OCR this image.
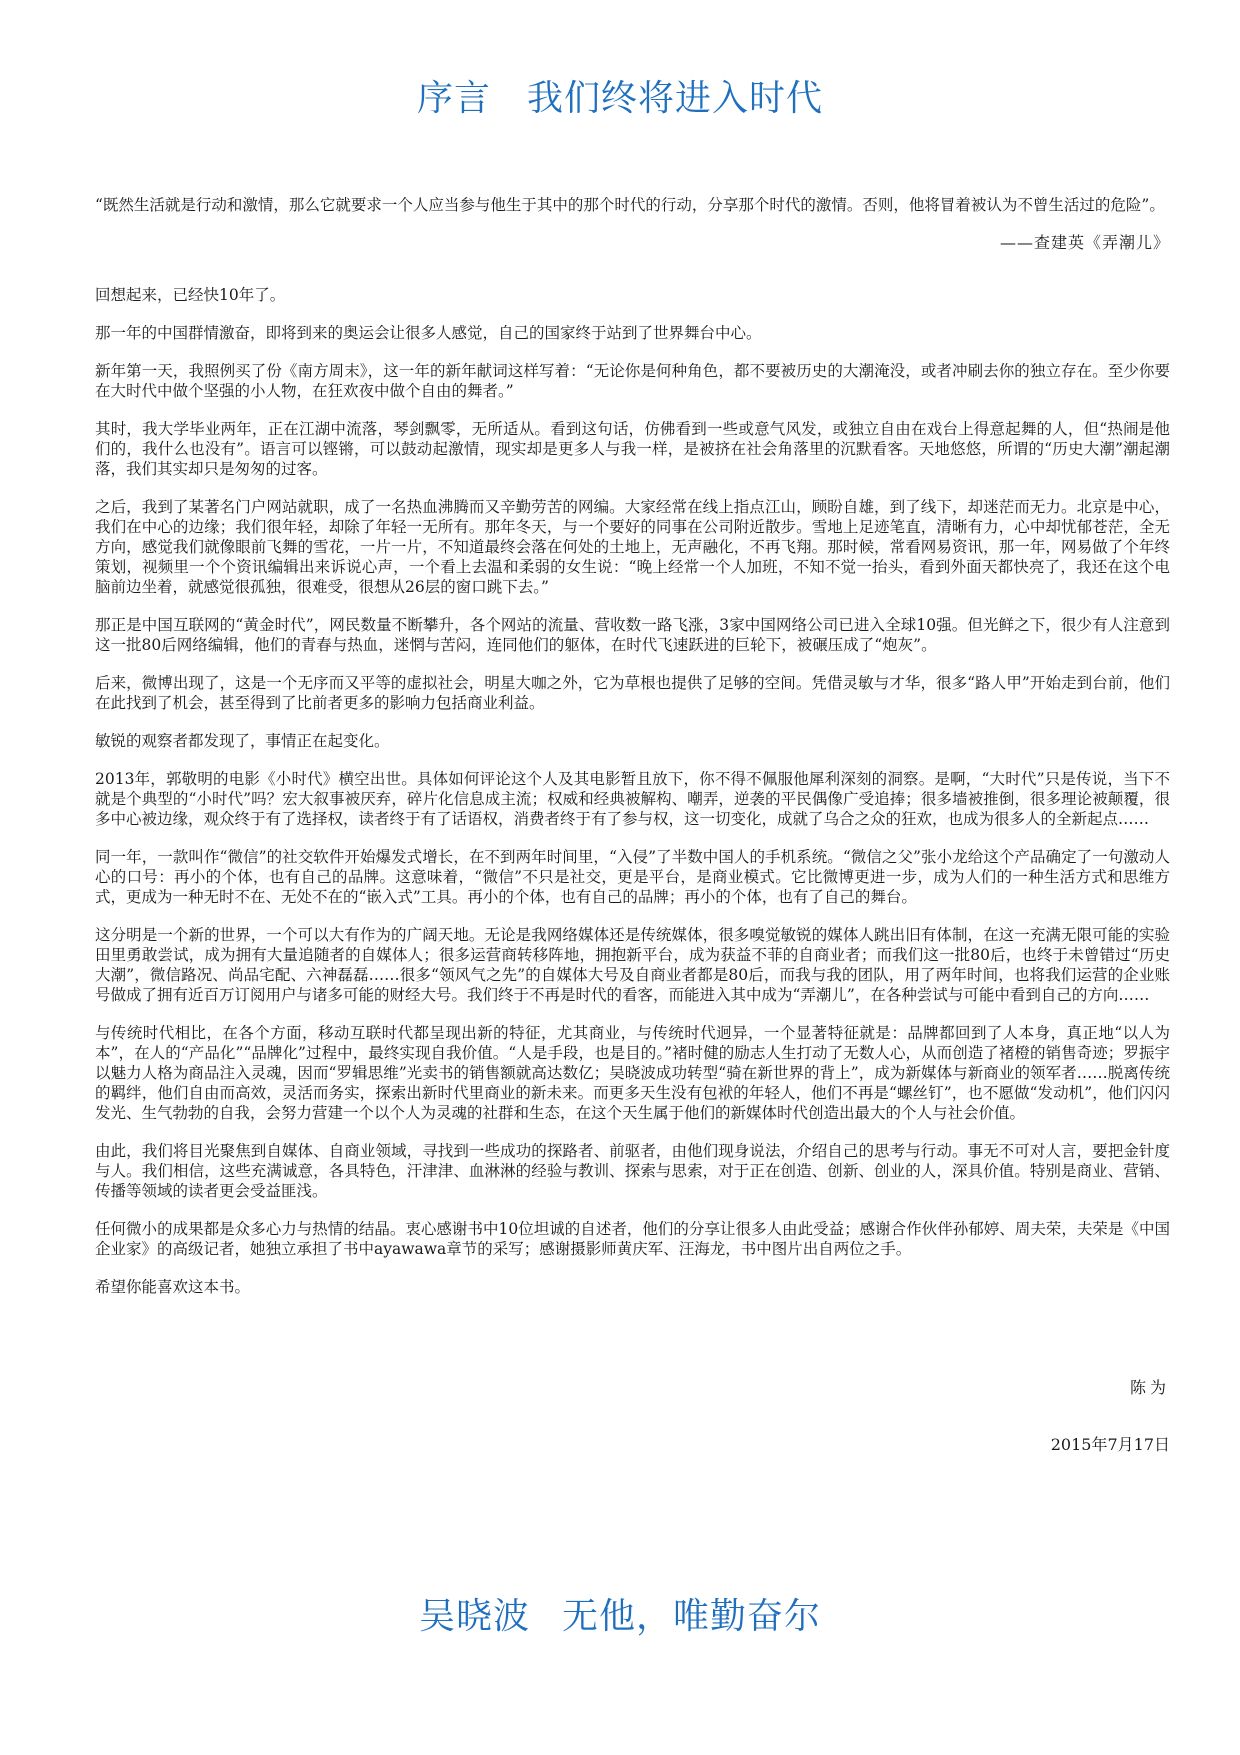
序言 我们终将进入时代

“既然生活就是行动和激情，那么它就要求一个人应当参与他生于其中的那个时代的行动，分享那个时代的激情。否则，他将冒着被认为不曾生活过的危险”。

——查建英《弄潮儿》

回想起来，已经快10年了。

那一年的中国群情激奋，即将到来的奥运会让很多人感觉，自己的国家终于站到了世界舞台中心。

新年第一天，我照例买了份《南方周末》，这一年的新年献词这样写着：“无论你是何种角色，都不要被历史的大潮淹没，或者冲刷去你的独立存在。至少你要在大时代中做个坚强的小人物，在狂欢夜中做个自由的舞者。”

其时，我大学毕业两年，正在江湖中流落，琴剑飘零，无所适从。看到这句话，仿佛看到一些或意气风发，或独立自由在戏台上得意起舞的人，但“热闹是他们的，我什么也没有”。语言可以铿锵，可以鼓动起激情，现实却是更多人与我一样，是被挤在社会角落里的沉默看客。天地悠悠，所谓的“历史大潮”潮起潮落，我们其实却只是匆匆的过客。

之后，我到了某著名门户网站就职，成了一名热血沸腾而又辛勤劳苦的网编。大家经常在线上指点江山，顾盼自雄，到了线下，却迷茫而无力。北京是中心，我们在中心的边缘；我们很年轻，却除了年轻一无所有。那年冬天，与一个要好的同事在公司附近散步。雪地上足迹笔直，清晰有力，心中却忧郁苍茫，全无方向，感觉我们就像眼前飞舞的雪花，一片一片，不知道最终会落在何处的土地上，无声融化，不再飞翔。那时候，常看网易资讯，那一年，网易做了个年终策划，视频里一个个资讯编辑出来诉说心声，一个看上去温和柔弱的女生说：“晚上经常一个人加班，不知不觉一抬头，看到外面天都快亮了，我还在这个电脑前边坐着，就感觉很孤独，很难受，很想从26层的窗口跳下去。”

那正是中国互联网的“黄金时代”，网民数量不断攀升，各个网站的流量、营收数一路飞涨，3家中国网络公司已进入全球10强。但光鲜之下，很少有人注意到这一批80后网络编辑，他们的青春与热血，迷惘与苦闷，连同他们的躯体，在时代飞速跃进的巨轮下，被碾压成了“炮灰”。

后来，微博出现了，这是一个无序而又平等的虚拟社会，明星大咖之外，它为草根也提供了足够的空间。凭借灵敏与才华，很多“路人甲”开始走到台前，他们在此找到了机会，甚至得到了比前者更多的影响力包括商业利益。

敏锐的观察者都发现了，事情正在起变化。

2013年，郭敬明的电影《小时代》横空出世。具体如何评论这个人及其电影暂且放下，你不得不佩服他犀利深刻的洞察。是啊，“大时代”只是传说，当下不就是个典型的“小时代”吗？宏大叙事被厌弃，碎片化信息成主流；权威和经典被解构、嘲弄，逆袭的平民偶像广受追捧；很多墙被推倒，很多理论被颠覆，很多中心被边缘，观众终于有了选择权，读者终于有了话语权，消费者终于有了参与权，这一切变化，成就了乌合之众的狂欢，也成为很多人的全新起点……

同一年，一款叫作“微信”的社交软件开始爆发式增长，在不到两年时间里，“入侵”了半数中国人的手机系统。“微信之父”张小龙给这个产品确定了一句激动人心的口号：再小的个体，也有自己的品牌。这意味着，“微信”不只是社交，更是平台，是商业模式。它比微博更进一步，成为人们的一种生活方式和思维方式，更成为一种无时不在、无处不在的“嵌入式”工具。再小的个体，也有自己的品牌；再小的个体，也有了自己的舞台。

这分明是一个新的世界，一个可以大有作为的广阔天地。无论是我网络媒体还是传统媒体，很多嗅觉敏锐的媒体人跳出旧有体制，在这一充满无限可能的实验田里勇敢尝试，成为拥有大量追随者的自媒体人；很多运营商转移阵地，拥抱新平台，成为获益不菲的自商业者；而我们这一批80后，也终于未曾错过“历史大潮”，微信路况、尚品宅配、六神磊磊……很多“领风气之先”的自媒体大号及自商业者都是80后，而我与我的团队，用了两年时间，也将我们运营的企业账号做成了拥有近百万订阅用户与诸多可能的财经大号。我们终于不再是时代的看客，而能进入其中成为“弄潮儿”，在各种尝试与可能中看到自己的方向……

与传统时代相比，在各个方面，移动互联时代都呈现出新的特征，尤其商业，与传统时代迥异，一个显著特征就是：品牌都回到了人本身，真正地“以人为本”，在人的“产品化”“品牌化”过程中，最终实现自我价值。“人是手段，也是目的。”褚时健的励志人生打动了无数人心，从而创造了褚橙的销售奇迹；罗振宇以魅力人格为商品注入灵魂，因而“罗辑思维”光卖书的销售额就高达数亿；吴晓波成功转型“骑在新世界的背上”，成为新媒体与新商业的领军者……脱离传统的羁绊，他们自由而高效，灵活而务实，探索出新时代里商业的新未来。而更多天生没有包袱的年轻人，他们不再是“螺丝钉”，也不愿做“发动机”，他们闪闪发光、生气勃勃的自我，会努力营建一个以个人为灵魂的社群和生态，在这个天生属于他们的新媒体时代创造出最大的个人与社会价值。

由此，我们将目光聚焦到自媒体、自商业领域，寻找到一些成功的探路者、前驱者，由他们现身说法，介绍自己的思考与行动。事无不可对人言，要把金针度与人。我们相信，这些充满诚意，各具特色，汗津津、血淋淋的经验与教训、探索与思索，对于正在创造、创新、创业的人，深具价值。特别是商业、营销、传播等领域的读者更会受益匪浅。

任何微小的成果都是众多心力与热情的结晶。衷心感谢书中10位坦诚的自述者，他们的分享让很多人由此受益；感谢合作伙伴孙郁婷、周夫荣，夫荣是《中国企业家》的高级记者，她独立承担了书中ayawawa章节的采写；感谢摄影师黄庆军、汪海龙，书中图片出自两位之手。

希望你能喜欢这本书。

陈为
2015年7月17日
吴晓波 无他，唯勤奋尔
